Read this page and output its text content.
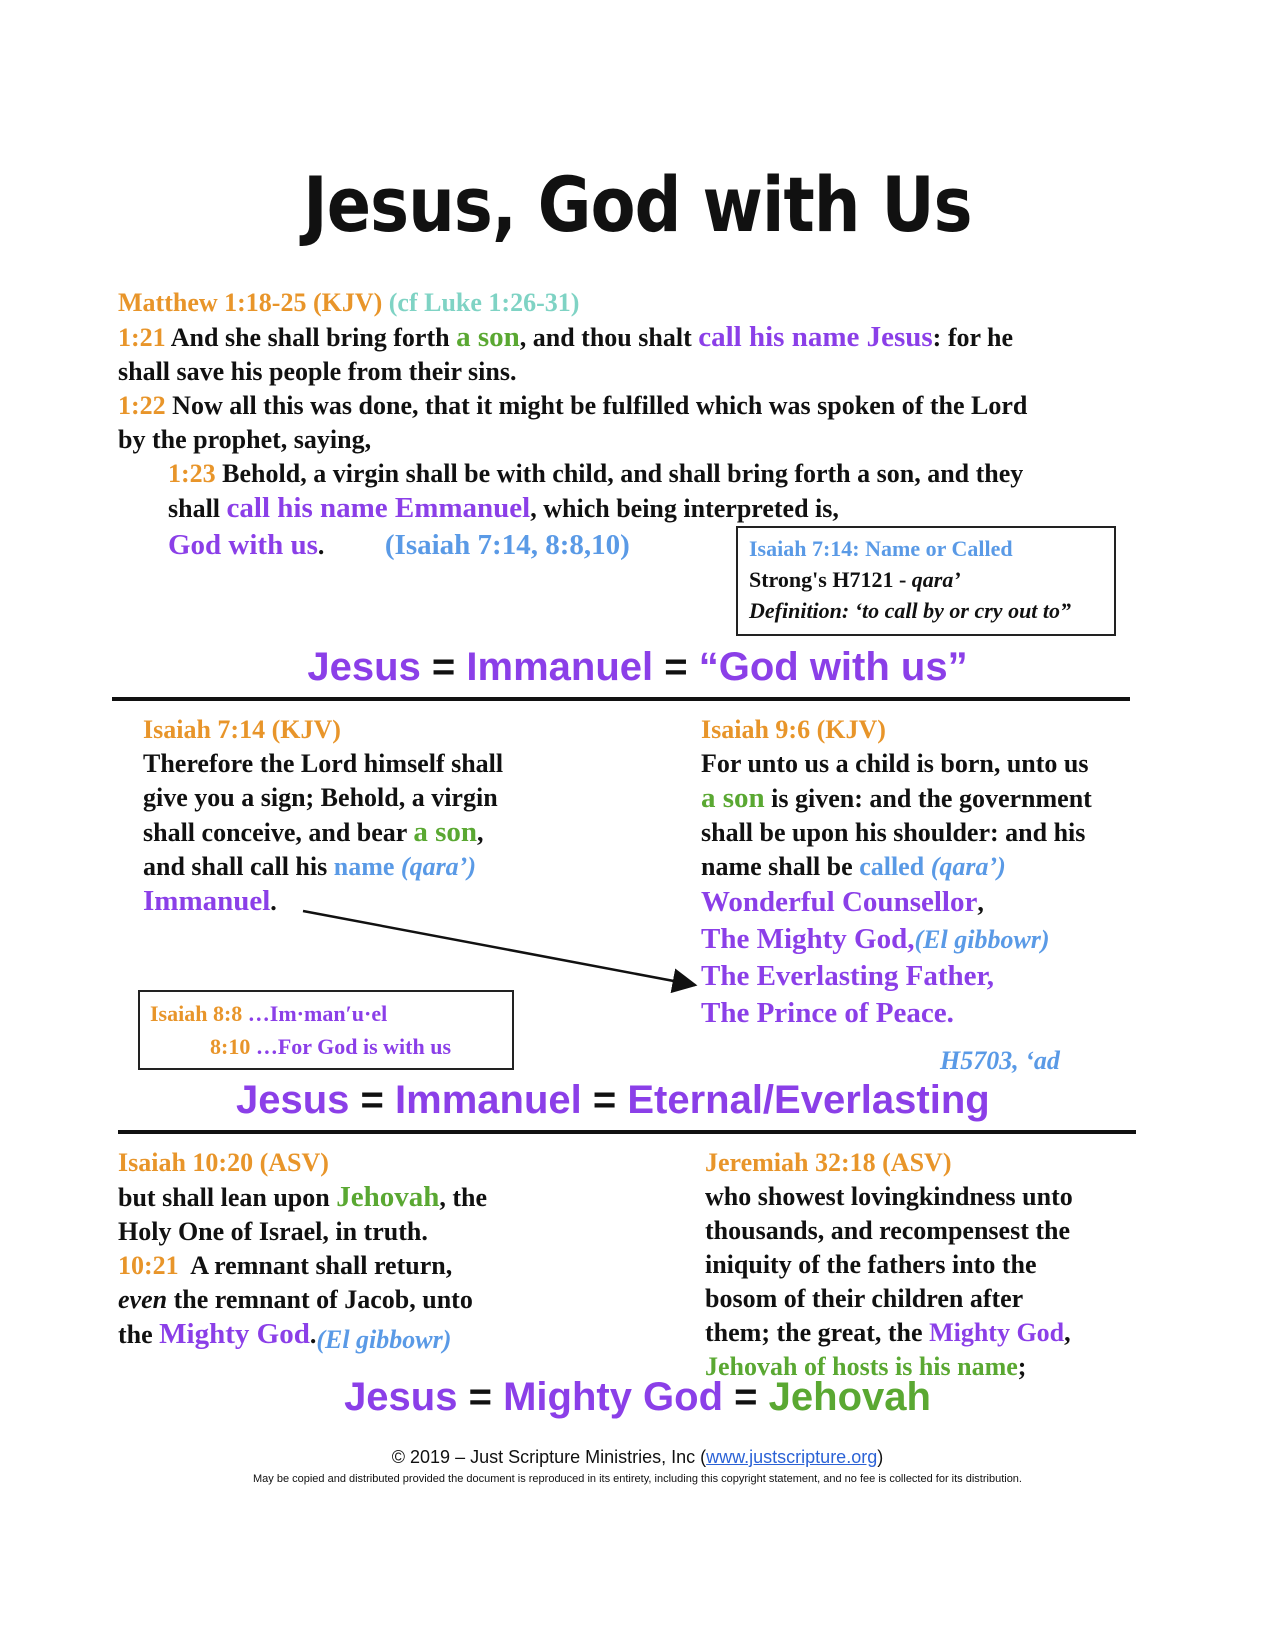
Jesus, God with Us
Matthew 1:18-25 (KJV) (cf Luke 1:26-31)
1:21 And she shall bring forth a son, and thou shalt call his name Jesus: for he
shall save his people from their sins.
1:22 Now all this was done, that it might be fulfilled which was spoken of the Lord
by the prophet, saying,
1:23 Behold, a virgin shall be with child, and shall bring forth a son, and they
shall call his name Emmanuel, which being interpreted is,
God with us. (Isaiah 7:14, 8:8,10)	Isaiah 7:14: Name or Called
Strong's H7121 - qara’
Definition: ‘to call by or cry out to”
Jesus = Immanuel = “God with us”
Isaiah 7:14 (KJV)
Therefore the Lord himself shall
give you a sign; Behold, a virgin
shall conceive, and bear a son,
and shall call his name (qara’)
Immanuel.
Isaiah 9:6 (KJV)
For unto us a child is born, unto us
a son is given: and the government
shall be upon his shoulder: and his
name shall be called (qara’)
Wonderful Counsellor,
The Mighty God,(El gibbowr)
The Everlasting Father,
The Prince of Peace.
H5703, ‘ad
Isaiah 8:8 …Im·man′u·el
8:10 …For God is with us
Jesus = Immanuel = Eternal/Everlasting
Isaiah 10:20 (ASV)
but shall lean upon Jehovah, the
Holy One of Israel, in truth.
10:21 A remnant shall return,
even the remnant of Jacob, unto
the Mighty God.(El gibbowr)
Jeremiah 32:18 (ASV)
who showest lovingkindness unto
thousands, and recompensest the
iniquity of the fathers into the
bosom of their children after
them; the great, the Mighty God,
Jehovah of hosts is his name;
Jesus = Mighty God = Jehovah
© 2019 – Just Scripture Ministries, Inc (www.justscripture.org)
May be copied and distributed provided the document is reproduced in its entirety, including this copyright statement, and no fee is collected for its distribution.
